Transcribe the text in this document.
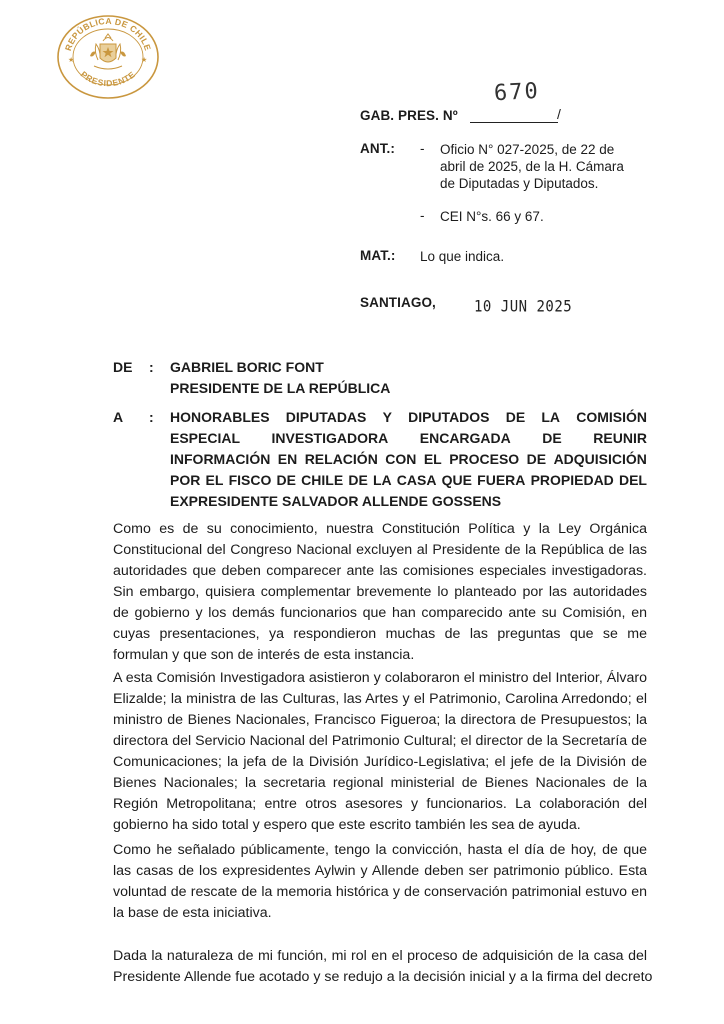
REPÚBLICA DE CHILE
PRESIDENTE
★	★
GAB. PRES. Nº
670
/
ANT.: - Oficio N° 027-2025, de 22 de
abril de 2025, de la H. Cámara
de Diputadas y Diputados.
- CEI N°s. 66 y 67.
MAT.: Lo que indica.
SANTIAGO,	10 JUN 2025
DE : GABRIEL BORIC FONT
PRESIDENTE DE LA REPÚBLICA
A : HONORABLES DIPUTADAS Y DIPUTADOS DE LA COMISIÓN
ESPECIAL INVESTIGADORA ENCARGADA DE REUNIR
INFORMACIÓN EN RELACIÓN CON EL PROCESO DE ADQUISICIÓN
POR EL FISCO DE CHILE DE LA CASA QUE FUERA PROPIEDAD DEL
EXPRESIDENTE SALVADOR ALLENDE GOSSENS
Como es de su conocimiento, nuestra Constitución Política y la Ley Orgánica
Constitucional del Congreso Nacional excluyen al Presidente de la República de las
autoridades que deben comparecer ante las comisiones especiales investigadoras.
Sin embargo, quisiera complementar brevemente lo planteado por las autoridades
de gobierno y los demás funcionarios que han comparecido ante su Comisión, en
cuyas presentaciones, ya respondieron muchas de las preguntas que se me
formulan y que son de interés de esta instancia.
A esta Comisión Investigadora asistieron y colaboraron el ministro del Interior, Álvaro
Elizalde; la ministra de las Culturas, las Artes y el Patrimonio, Carolina Arredondo; el
ministro de Bienes Nacionales, Francisco Figueroa; la directora de Presupuestos; la
directora del Servicio Nacional del Patrimonio Cultural; el director de la Secretaría de
Comunicaciones; la jefa de la División Jurídico-Legislativa; el jefe de la División de
Bienes Nacionales; la secretaria regional ministerial de Bienes Nacionales de la
Región Metropolitana; entre otros asesores y funcionarios. La colaboración del
gobierno ha sido total y espero que este escrito también les sea de ayuda.
Como he señalado públicamente, tengo la convicción, hasta el día de hoy, de que
las casas de los expresidentes Aylwin y Allende deben ser patrimonio público. Esta
voluntad de rescate de la memoria histórica y de conservación patrimonial estuvo en
la base de esta iniciativa.
Dada la naturaleza de mi función, mi rol en el proceso de adquisición de la casa del
Presidente Allende fue acotado y se redujo a la decisión inicial y a la firma del decreto
